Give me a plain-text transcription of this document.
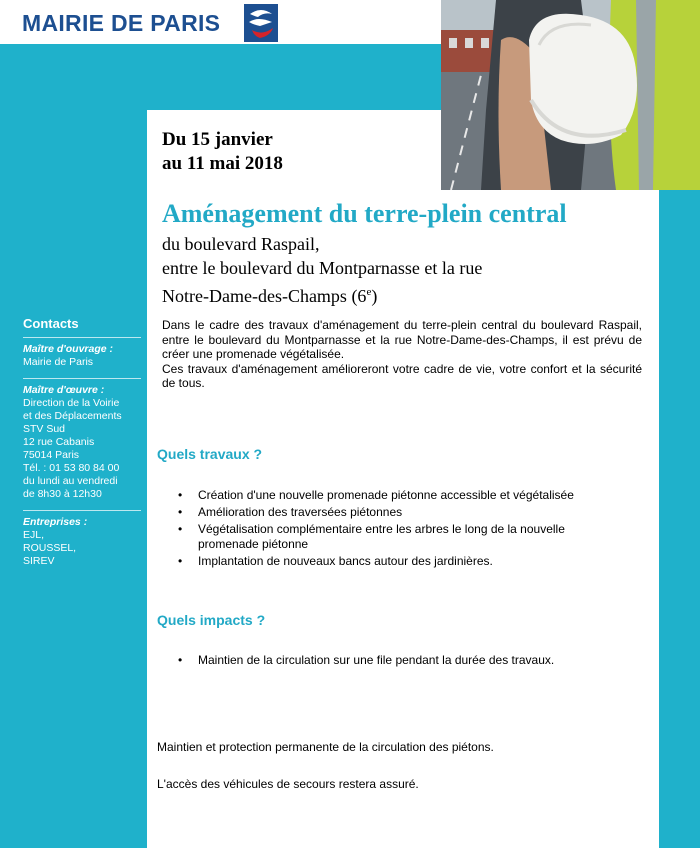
MAIRIE DE PARIS
Du 15 janvier
au 11 mai 2018
Aménagement du terre-plein central
du boulevard Raspail,
entre le boulevard du Montparnasse et la rue
Notre-Dame-des-Champs (6e)
Contacts
Maître d'ouvrage :
Mairie de Paris
Maître d'œuvre :
Direction de la Voirie
et des Déplacements
STV Sud
12 rue Cabanis
75014 Paris
Tél. : 01 53 80 84 00
du lundi au vendredi
de 8h30 à 12h30
Entreprises :
EJL,
ROUSSEL,
SIREV

Dans le cadre des travaux d'aménagement du terre-plein central du boulevard Raspail, entre le boulevard du Montparnasse et la rue Notre-Dame-des-Champs, il est prévu de créer une promenade végétalisée.

Ces travaux d'aménagement amélioreront votre cadre de vie, votre confort et la sécurité de tous.

Quels travaux ?
• Création d'une nouvelle promenade piétonne accessible et végétalisée
• Amélioration des traversées piétonnes
• Végétalisation complémentaire entre les arbres le long de la nouvelle promenade piétonne
• Implantation de nouveaux bancs autour des jardinières.
Quels impacts ?
• Maintien de la circulation sur une file pendant la durée des travaux.
Maintien et protection permanente de la circulation des piétons.
L'accès des véhicules de secours restera assuré.
